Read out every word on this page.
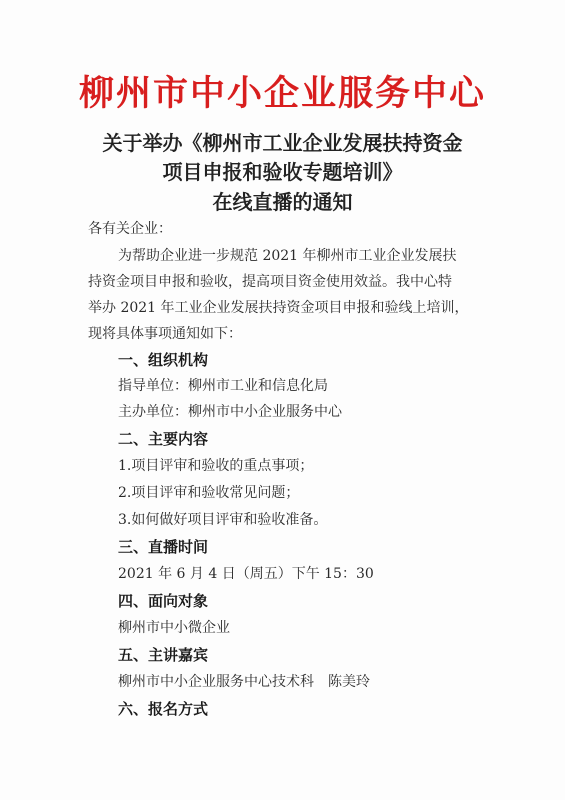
柳州市中小企业服务中心
关于举办《柳州市工业企业发展扶持资金
项目申报和验收专题培训》
在线直播的通知
各有关企业：
为帮助企业进一步规范 2021 年柳州市工业企业发展扶
持资金项目申报和验收，提高项目资金使用效益。我中心特
举办 2021 年工业企业发展扶持资金项目申报和验线上培训，
现将具体事项通知如下：
一、组织机构
指导单位：柳州市工业和信息化局
主办单位：柳州市中小企业服务中心
二、主要内容
1.项目评审和验收的重点事项；
2.项目评审和验收常见问题；
3.如何做好项目评审和验收准备。
三、直播时间
2021 年 6 月 4 日（周五）下午 15：30
四、面向对象
柳州市中小微企业
五、主讲嘉宾
柳州市中小企业服务中心技术科　陈美玲
六、报名方式
